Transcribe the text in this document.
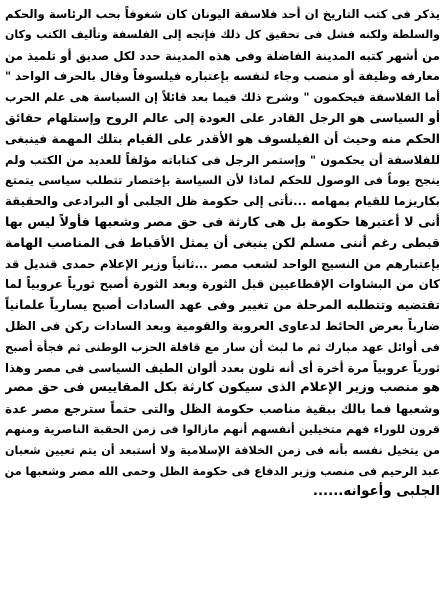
يذكر فى كتب التاريخ ان أحد فلاسفة اليونان كان شغوفاً بحب الرئاسة والحكم
والسلطة ولكنه فشل فى تحقيق كل ذلك فإتجه إلى الفلسفة وتأليف الكتب وكان
من أشهر كتبه المدينة الفاضلة وفى هذه المدينة حدد لكل صديق أو تلميذ من
معارفه وظيفة أو منصب وجاء لنفسه بإعتباره فيلسوفاً وقال بالحرف الواحد "
أما الفلاسفة فيحكمون " وشرح ذلك فيما بعد قائلاً إن السياسة هى علم الحرب
أو السياسى هو الرجل القادر على العودة إلى عالم الروح وإستلهام حقائق
الحكم منه وحيث أن الفيلسوف هو الأقدر على القيام بتلك المهمة فينبغى
للفلاسفة أن يحكمون " وإستمر الرجل فى كتاباته مؤلفاً للعديد من الكتب ولم
ينجح يوماً فى الوصول للحكم لماذا لأن السياسة بإختصار تتطلب سياسى يتمتع
بكاريزما للقيام بمهامه ...نأتى إلى حكومة ظل الجلبى أو البرادعى والحقيقة
أنى لا أعتبرها حكومة بل هى كارثة فى حق مصر وشعبها فأولاً ليس بها
قبطى رغم أننى مسلم لكن ينبغى أن يمثل الأقباط فى المناصب الهامة
بإعتبارهم من النسيج الواحد لشعب مصر ...ثانياً وزير الإعلام حمدى قنديل قد
كان من البشاوات الإقطاعيين قبل الثورة وبعد الثورة أصبح ثورياً عروبياً لما
تقتضيه وتتطلبه المرحلة من تغيير وفى عهد السادات أصبح يسارياً علمانياً
ضارباً بعرض الحائط لدعاوى العروبة والقومية وبعد السادات ركن فى الظل
فى أوائل عهد مبارك ثم ما لبث أن سار مع قافلة الحزب الوطنى ثم فجأة أصبح
ثورياً عروبياً مرة أخرة أى أنه تلون بعدد ألوان الطيف السياسى فى مصر وهذا
هو منصب وزير الإعلام الذى سيكون كارثة بكل المقاييس فى حق مصر
وشعبها فما بالك ببقية مناصب حكومة الظل والتى حتماً سترجع مصر عدة
قرون للوراء فهم متخيلين أنفسهم أنهم مازالوا فى زمن الحقبة الناصرية ومنهم
من يتخيل نفسه بأنه فى زمن الخلافة الإسلامية ولا أستبعد أن يتم تعيين شعبان
عبد الرحيم فى منصب وزير الدفاع فى حكومة الظل وحمى الله مصر وشعبها من
الجلبى وأعوانه......
